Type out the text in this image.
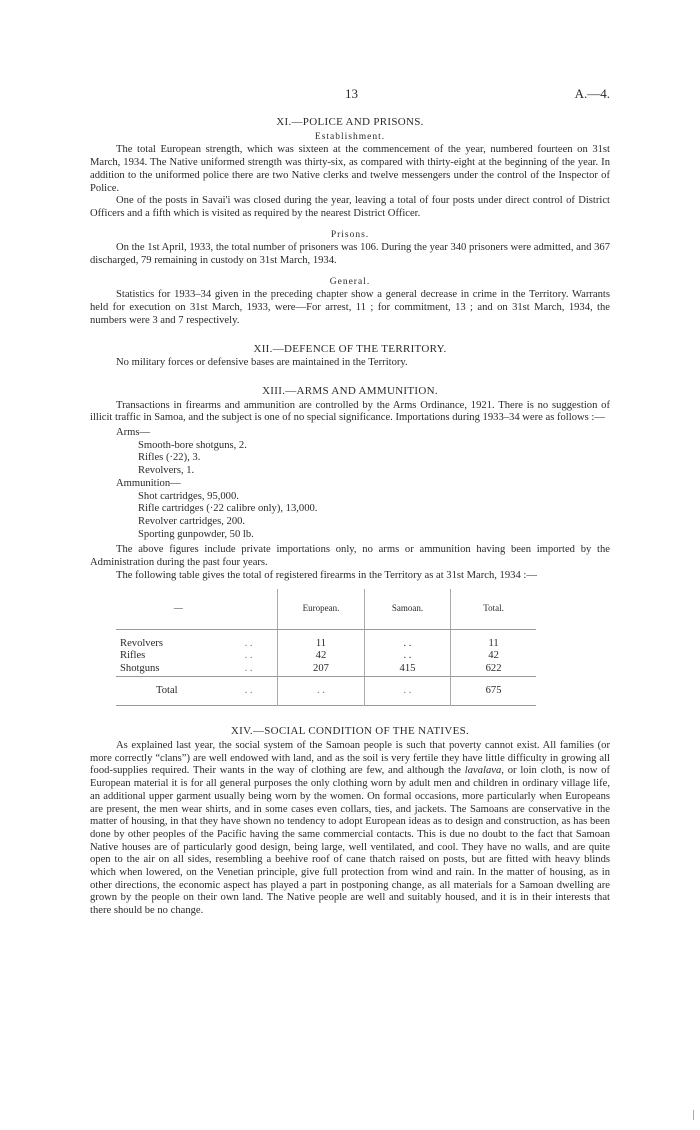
13	A.—4.
XI.—POLICE AND PRISONS.
Establishment.

The total European strength, which was sixteen at the commencement of the year, numbered fourteen on 31st March, 1934. The Native uniformed strength was thirty-six, as compared with thirty-eight at the beginning of the year. In addition to the uniformed police there are two Native clerks and twelve messengers under the control of the Inspector of Police.

One of the posts in Savai'i was closed during the year, leaving a total of four posts under direct control of District Officers and a fifth which is visited as required by the nearest District Officer.

Prisons.

On the 1st April, 1933, the total number of prisoners was 106. During the year 340 prisoners were admitted, and 367 discharged, 79 remaining in custody on 31st March, 1934.

General.

Statistics for 1933–34 given in the preceding chapter show a general decrease in crime in the Territory. Warrants held for execution on 31st March, 1933, were—For arrest, 11 ; for commitment, 13 ; and on 31st March, 1934, the numbers were 3 and 7 respectively.

XII.—DEFENCE OF THE TERRITORY.

No military forces or defensive bases are maintained in the Territory.

XIII.—ARMS AND AMMUNITION.

Transactions in firearms and ammunition are controlled by the Arms Ordinance, 1921. There is no suggestion of illicit traffic in Samoa, and the subject is one of no special significance. Importations during 1933–34 were as follows :—

Arms—
Smooth-bore shotguns, 2.
Rifles (·22), 3.
Revolvers, 1.
Ammunition—
Shot cartridges, 95,000.
Rifle cartridges (·22 calibre only), 13,000.
Revolver cartridges, 200.
Sporting gunpowder, 50 lb.

The above figures include private importations only, no arms or ammunition having been imported by the Administration during the past four years.

The following table gives the total of registered firearms in the Territory as at 31st March, 1934 :—

—		European.	Samoan.	Total.

Revolvers	. .	11	. .	11
Rifles	. .	42	. .	42
Shotguns	. .	207	415	622
Total	. .	. .	. .	675
XIV.—SOCIAL CONDITION OF THE NATIVES.

As explained last year, the social system of the Samoan people is such that poverty cannot exist. All families (or more correctly “clans”) are well endowed with land, and as the soil is very fertile they have little difficulty in growing all food-supplies required. Their wants in the way of clothing are few, and although the lavalava, or loin cloth, is now of European material it is for all general purposes the only clothing worn by adult men and children in ordinary village life, an additional upper garment usually being worn by the women. On formal occasions, more particularly when Europeans are present, the men wear shirts, and in some cases even collars, ties, and jackets. The Samoans are conservative in the matter of housing, in that they have shown no tendency to adopt European ideas as to design and construction, as has been done by other peoples of the Pacific having the same commercial contacts. This is due no doubt to the fact that Samoan Native houses are of particularly good design, being large, well ventilated, and cool. They have no walls, and are quite open to the air on all sides, resembling a beehive roof of cane thatch raised on posts, but are fitted with heavy blinds which when lowered, on the Venetian principle, give full protection from wind and rain. In the matter of housing, as in other directions, the economic aspect has played a part in postponing change, as all materials for a Samoan dwelling are grown by the people on their own land. The Native people are well and suitably housed, and it is in their interests that there should be no change.
